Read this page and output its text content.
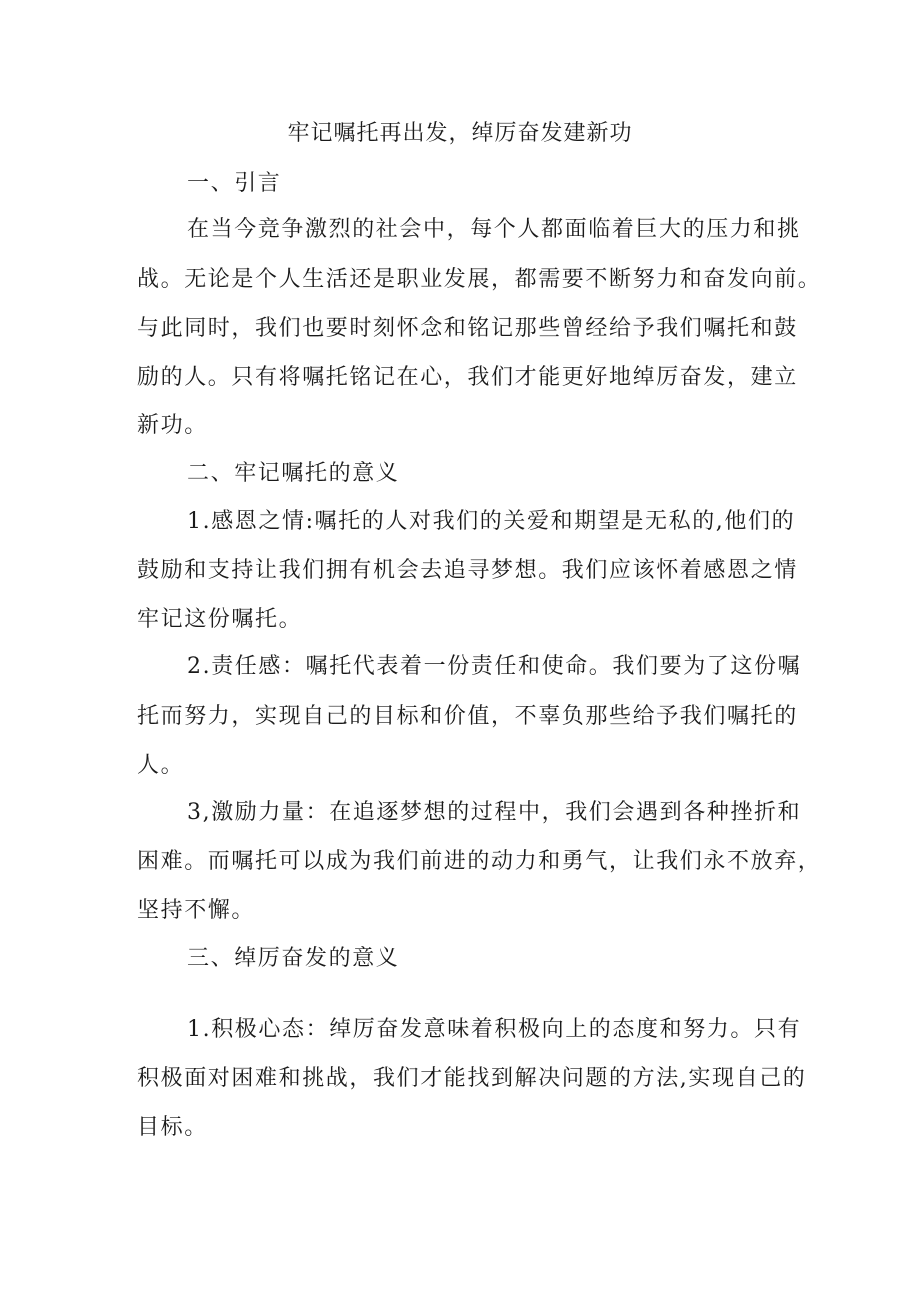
牢记嘱托再出发，绰厉奋发建新功
一、引言
在当今竞争激烈的社会中，每个人都面临着巨大的压力和挑
战。无论是个人生活还是职业发展，都需要不断努力和奋发向前。
与此同时，我们也要时刻怀念和铭记那些曾经给予我们嘱托和鼓
励的人。只有将嘱托铭记在心，我们才能更好地绰厉奋发，建立
新功。
二、牢记嘱托的意义
1.感恩之情:嘱托的人对我们的关爱和期望是无私的,他们的
鼓励和支持让我们拥有机会去追寻梦想。我们应该怀着感恩之情
牢记这份嘱托。
2.责任感：嘱托代表着一份责任和使命。我们要为了这份嘱
托而努力，实现自己的目标和价值，不辜负那些给予我们嘱托的
人。
3,激励力量：在追逐梦想的过程中，我们会遇到各种挫折和
困难。而嘱托可以成为我们前进的动力和勇气，让我们永不放弃，
坚持不懈。
三、绰厉奋发的意义
1.积极心态：绰厉奋发意味着积极向上的态度和努力。只有
积极面对困难和挑战，我们才能找到解决问题的方法,实现自己的
目标。
